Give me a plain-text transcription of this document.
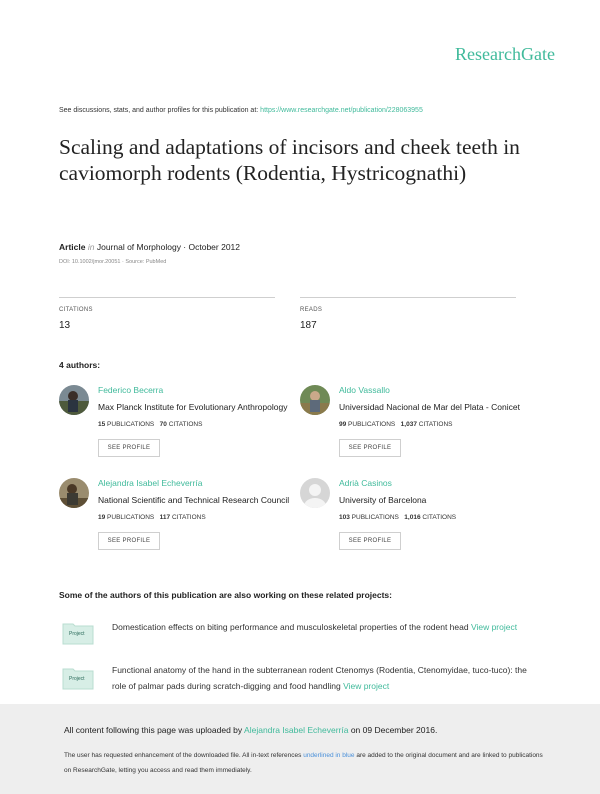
ResearchGate
See discussions, stats, and author profiles for this publication at: https://www.researchgate.net/publication/228063955
Scaling and adaptations of incisors and cheek teeth in caviomorph rodents (Rodentia, Hystricognathi)
Article in Journal of Morphology · October 2012
DOI: 10.1002/jmor.20051 · Source: PubMed
CITATIONS
13
READS
187
4 authors:
Federico Becerra
Max Planck Institute for Evolutionary Anthropology
15 PUBLICATIONS 70 CITATIONS
SEE PROFILE
Aldo Vassallo
Universidad Nacional de Mar del Plata - Conicet
99 PUBLICATIONS 1,037 CITATIONS
SEE PROFILE
Alejandra Isabel Echeverría
National Scientific and Technical Research Council
19 PUBLICATIONS 117 CITATIONS
SEE PROFILE
Adrià Casinos
University of Barcelona
103 PUBLICATIONS 1,016 CITATIONS
SEE PROFILE
Some of the authors of this publication are also working on these related projects:
Project
Domestication effects on biting performance and musculoskeletal properties of the rodent head View project
Project
Functional anatomy of the hand in the subterranean rodent Ctenomys (Rodentia, Ctenomyidae, tuco-tuco): the role of palmar pads during scratch-digging and food handling View project
All content following this page was uploaded by Alejandra Isabel Echeverría on 09 December 2016.
The user has requested enhancement of the downloaded file. All in-text references underlined in blue are added to the original document and are linked to publications on ResearchGate, letting you access and read them immediately.
